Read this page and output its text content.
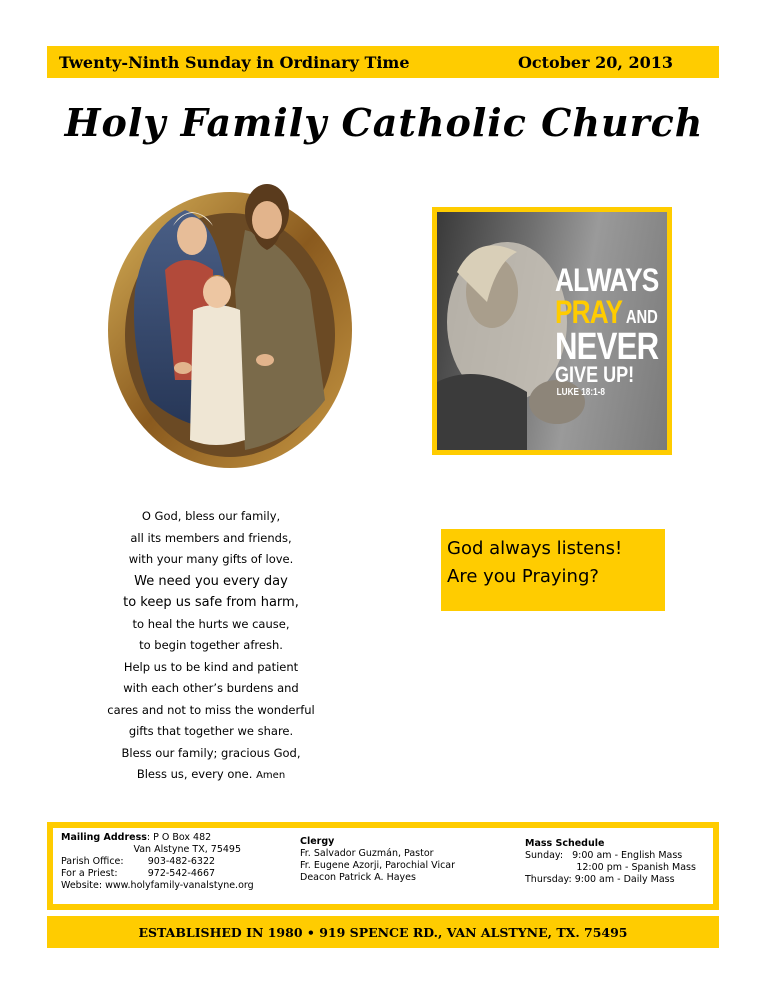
Twenty-Ninth Sunday in Ordinary Time	October 20, 2013
Holy Family Catholic Church
ALWAYS
PRAY AND
NEVER
GIVE UP!
LUKE 18:1-8
God always listens!
Are you Praying?
O God, bless our family,
all its members and friends,
with your many gifts of love.
We need you every day
to keep us safe from harm,
to heal the hurts we cause,
to begin together afresh.
Help us to be kind and patient
with each other’s burdens and
cares and not to miss the wonderful
gifts that together we share.
Bless our family; gracious God,
Bless us, every one. Amen
Mailing Address: P O Box 482
Van Alstyne TX, 75495
Parish Office:        903-482-6322
For a Priest:          972-542-4667
Website: www.holyfamily-vanalstyne.org
Clergy
Fr. Salvador Guzmán, Pastor
Fr. Eugene Azorji, Parochial Vicar
Deacon Patrick A. Hayes
Mass Schedule
Sunday:   9:00 am - English Mass
12:00 pm - Spanish Mass
Thursday: 9:00 am - Daily Mass
ESTABLISHED IN 1980 • 919 SPENCE RD., VAN ALSTYNE, TX. 75495
